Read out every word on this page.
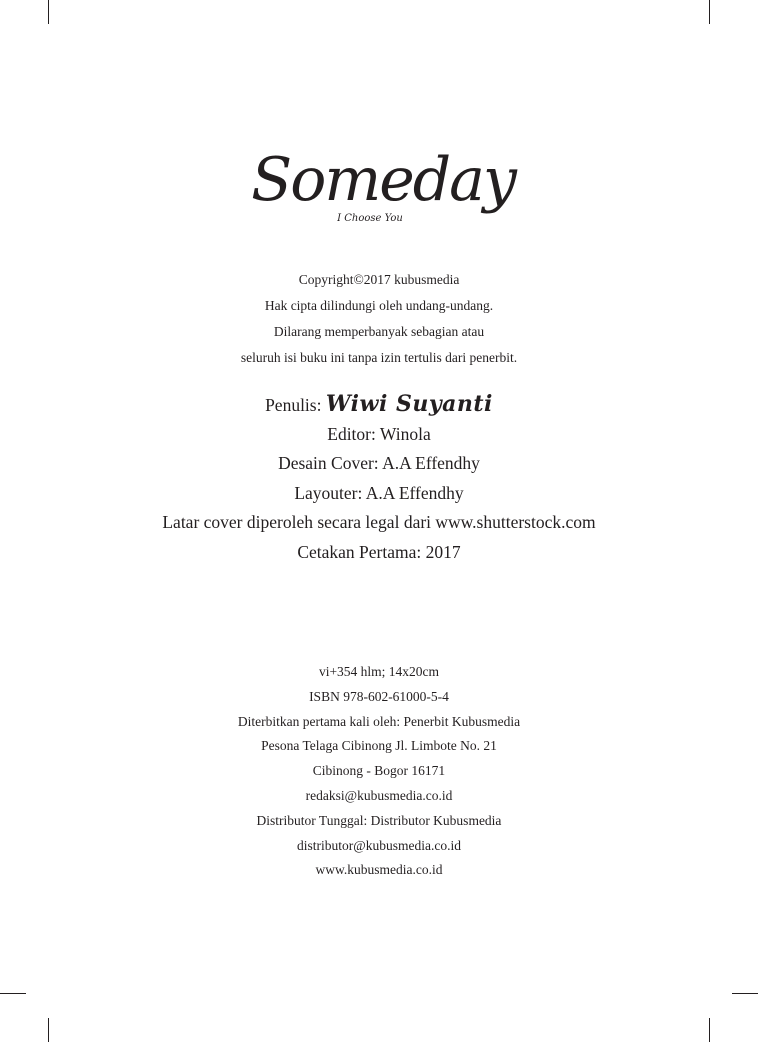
Someday
I Choose You
Copyright©2017 kubusmedia
Hak cipta dilindungi oleh undang-undang.
Dilarang memperbanyak sebagian atau
seluruh isi buku ini tanpa izin tertulis dari penerbit.
Penulis: Wiwi Suyanti
Editor: Winola
Desain Cover: A.A Effendhy
Layouter: A.A Effendhy
Latar cover diperoleh secara legal dari www.shutterstock.com
Cetakan Pertama: 2017
vi+354 hlm; 14x20cm
ISBN 978-602-61000-5-4
Diterbitkan pertama kali oleh: Penerbit Kubusmedia
Pesona Telaga Cibinong Jl. Limbote No. 21
Cibinong - Bogor 16171
redaksi@kubusmedia.co.id
Distributor Tunggal: Distributor Kubusmedia
distributor@kubusmedia.co.id
www.kubusmedia.co.id
